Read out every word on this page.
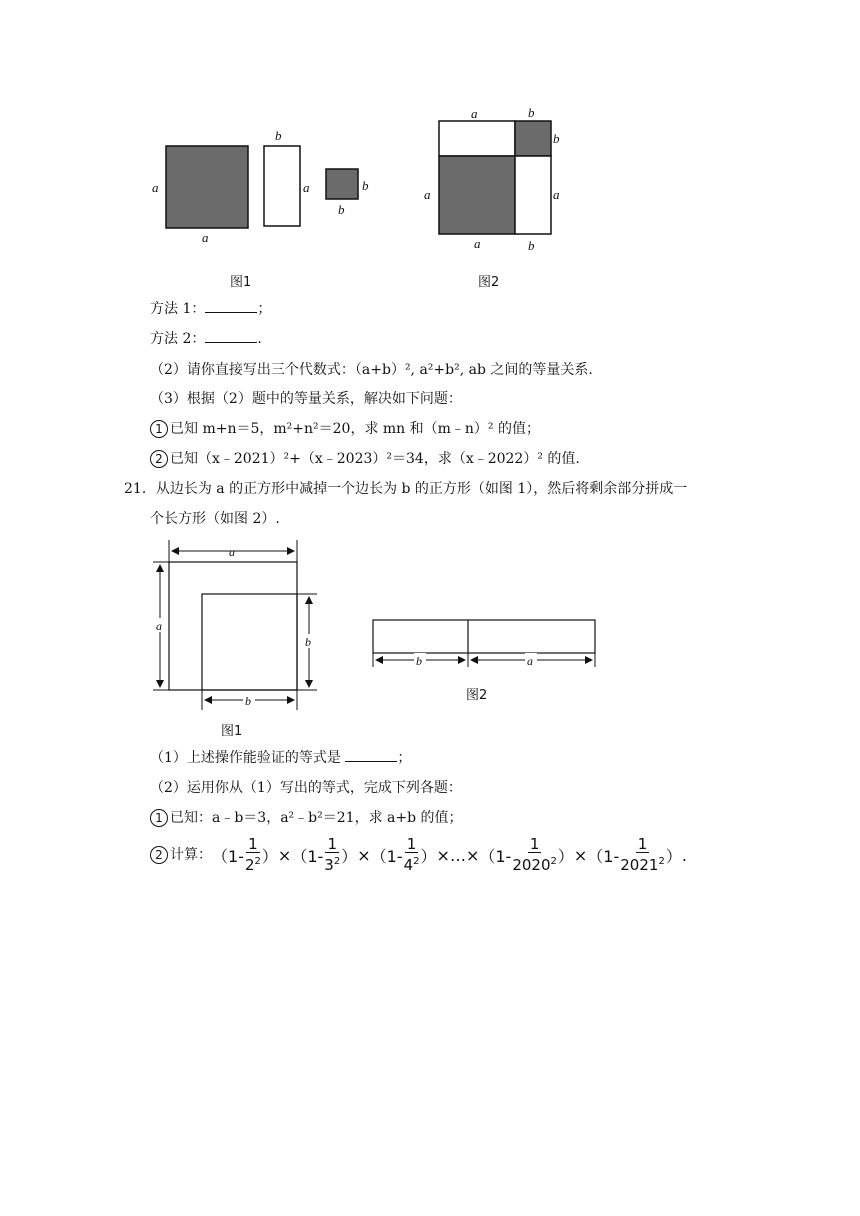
a
a
b
a	b
b
a	b
b
a	a
a	b
图1	图2
方法 1：	；
方法 2：	.
（2）请你直接写出三个代数式：（a+b）², a²+b², ab 之间的等量关系.
（3）根据（2）题中的等量关系，解决如下问题：
1 已知 m+n＝5，m²+n²＝20，求 mn 和（m﹣n）² 的值；
2 已知（x﹣2021）²+（x﹣2023）²＝34，求（x﹣2022）² 的值.
21．从边长为 a 的正方形中减掉一个边长为 b 的正方形（如图 1），然后将剩余部分拼成一
个长方形（如图 2）.
a
a
b
b
图1
b	a
图2
（1）上述操作能验证的等式是	；
（2）运用你从（1）写出的等式，完成下列各题：
1 已知：a﹣b＝3，a²﹣b²＝21，求 a+b 的值；
2 计算： （$1- \frac{1}{2^2}$ ） × （$1- \frac{1}{3^2}$ ） × （$1- \frac{1}{4^2}$ ） ×…× （$1- \frac{1}{2020^2}$ ） × （$1- \frac{1}{2021^2}$ ） .
